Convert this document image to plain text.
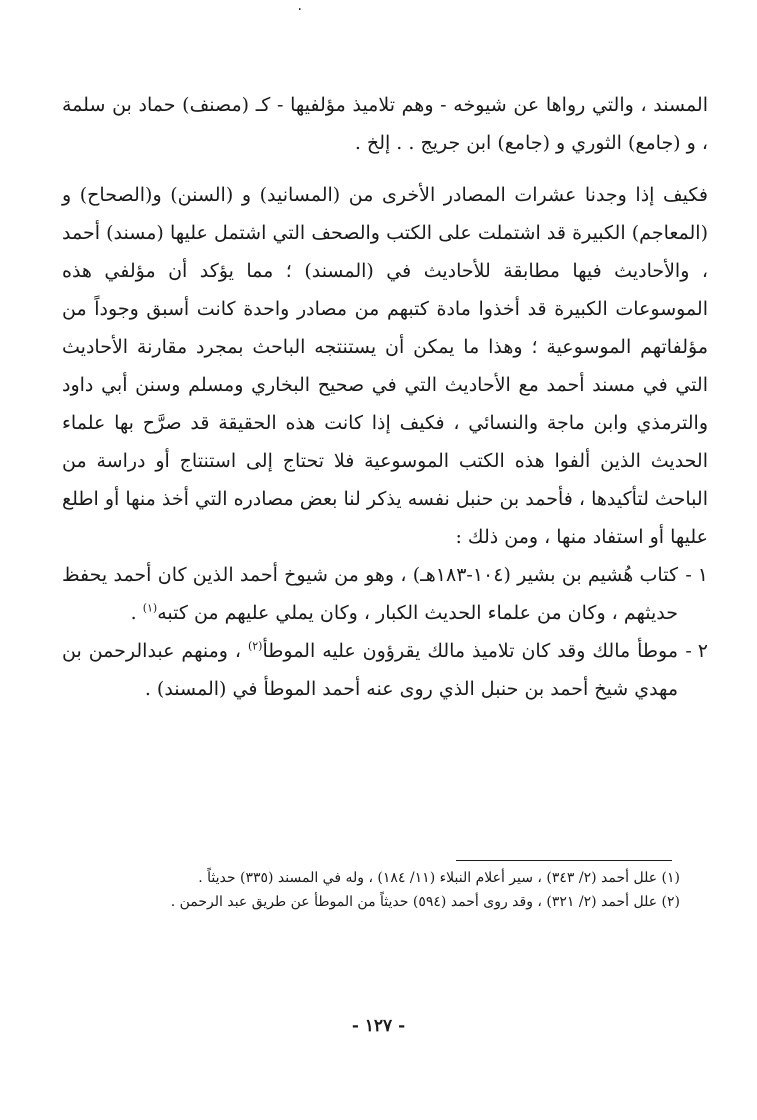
٠

المسند ، والتي رواها عن شيوخه - وهم تلاميذ مؤلفيها - كـ (مصنف) حماد بن سلمة ، و (جامع) الثوري و (جامع) ابن جريج . . إلخ .

فكيف إذا وجدنا عشرات المصادر الأخرى من (المسانيد) و (السنن) و(الصحاح) و (المعاجم) الكبيرة قد اشتملت على الكتب والصحف التي اشتمل عليها (مسند) أحمد ، والأحاديث فيها مطابقة للأحاديث في (المسند) ؛ مما يؤكد أن مؤلفي هذه الموسوعات الكبيرة قد أخذوا مادة كتبهم من مصادر واحدة كانت أسبق وجوداً من مؤلفاتهم الموسوعية ؛ وهذا ما يمكن أن يستنتجه الباحث بمجرد مقارنة الأحاديث التي في مسند أحمد مع الأحاديث التي في صحيح البخاري ومسلم وسنن أبي داود والترمذي وابن ماجة والنسائي ، فكيف إذا كانت هذه الحقيقة قد صرَّح بها علماء الحديث الذين ألفوا هذه الكتب الموسوعية فلا تحتاج إلى استنتاج أو دراسة من الباحث لتأكيدها ، فأحمد بن حنبل نفسه يذكر لنا بعض مصادره التي أخذ منها أو اطلع عليها أو استفاد منها ، ومن ذلك :

١ -
كتاب هُشيم بن بشير (١٠٤-١٨٣هـ) ، وهو من شيوخ أحمد الذين كان أحمد يحفظ حديثهم ، وكان من علماء الحديث الكبار ، وكان يملي عليهم من كتبه$^{(١)}$ .

٢ -
موطأ مالك وقد كان تلاميذ مالك يقرؤون عليه الموطأ$^{(٢)}$ ، ومنهم عبدالرحمن بن مهدي شيخ أحمد بن حنبل الذي روى عنه أحمد الموطأ في (المسند) .

(١) علل أحمد (٢/ ٣٤٣) ، سير أعلام النبلاء (١١/ ١٨٤) ، وله في المسند (٣٣٥) حديثاً .

(٢) علل أحمد (٢/ ٣٢١) ، وقد روى أحمد (٥٩٤) حديثاً من الموطأ عن طريق عبد الرحمن .

- ١٢٧ -
